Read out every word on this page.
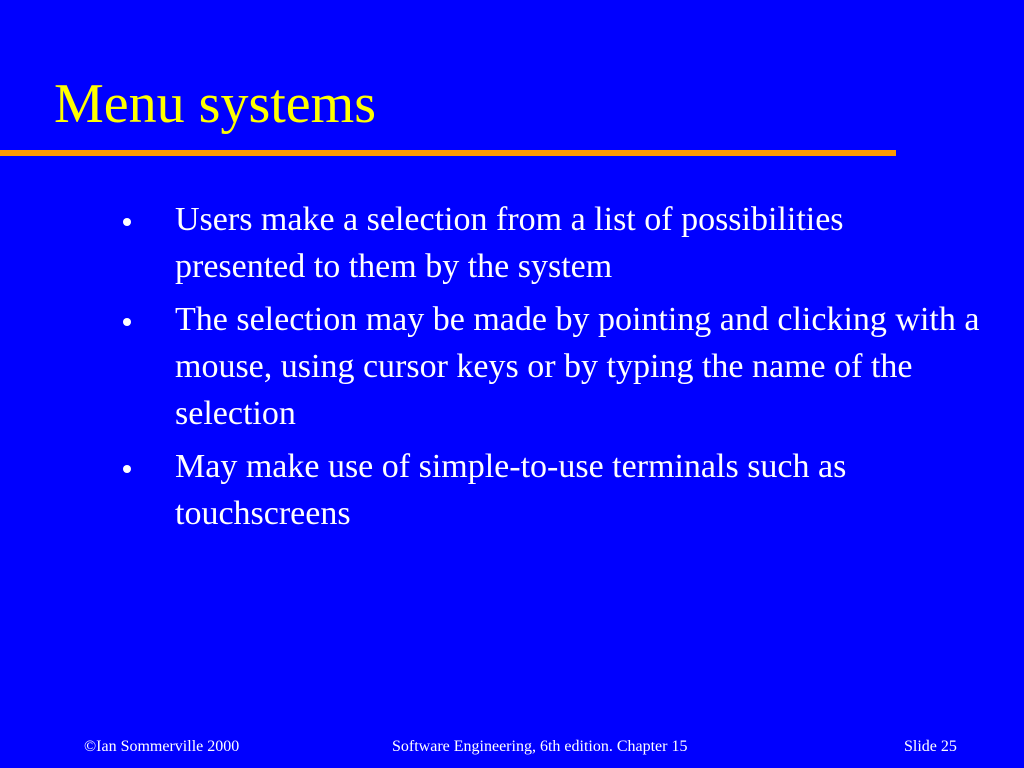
Menu systems
Users make a selection from a list of possibilities presented to them by the system
The selection may be made by pointing and clicking with a mouse, using cursor keys or by typing the name of the selection
May make use of simple-to-use terminals such as touchscreens
©Ian Sommerville 2000	Software Engineering, 6th edition. Chapter 15	Slide 25
